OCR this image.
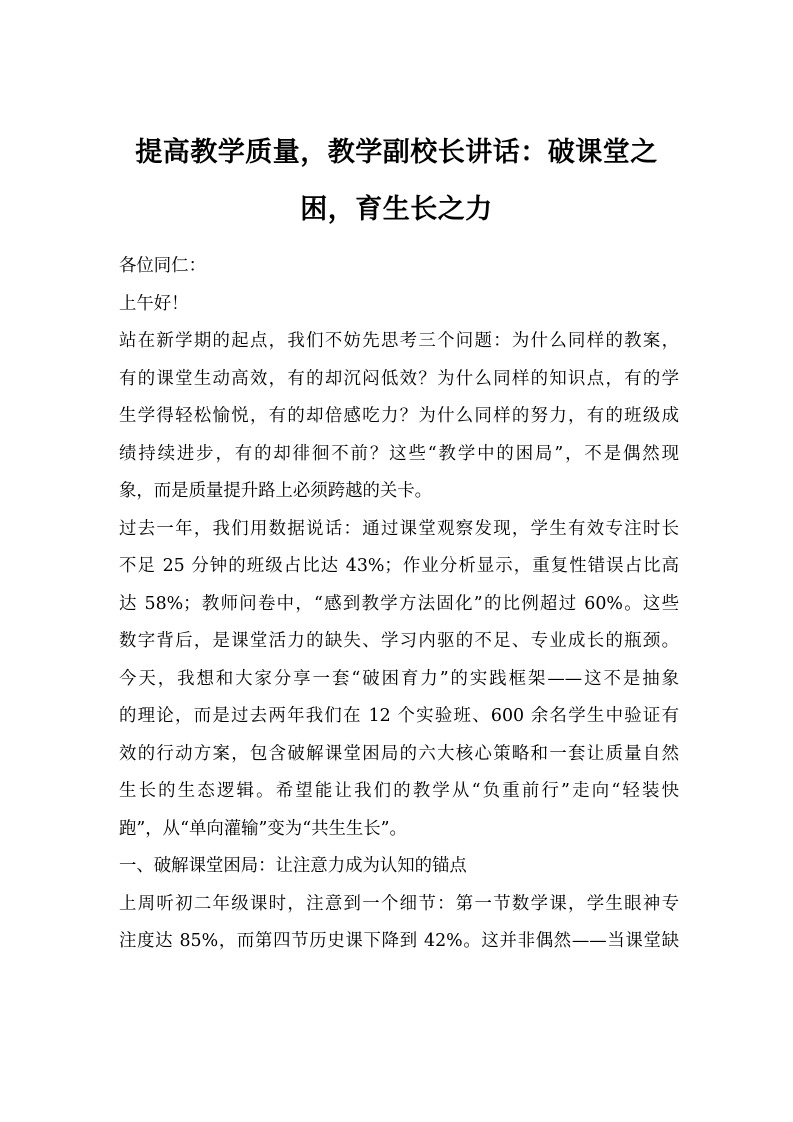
提高教学质量，教学副校长讲话：破课堂之
困，育生长之力
各位同仁：
上午好！
站在新学期的起点，我们不妨先思考三个问题：为什么同样的教案，
有的课堂生动高效，有的却沉闷低效？为什么同样的知识点，有的学
生学得轻松愉悦，有的却倍感吃力？为什么同样的努力，有的班级成
绩持续进步，有的却徘徊不前？这些“教学中的困局”，不是偶然现
象，而是质量提升路上必须跨越的关卡。
过去一年，我们用数据说话：通过课堂观察发现，学生有效专注时长
不足 25 分钟的班级占比达 43%；作业分析显示，重复性错误占比高
达 58%；教师问卷中，“感到教学方法固化”的比例超过 60%。这些
数字背后，是课堂活力的缺失、学习内驱的不足、专业成长的瓶颈。
今天，我想和大家分享一套“破困育力”的实践框架——这不是抽象
的理论，而是过去两年我们在 12 个实验班、600 余名学生中验证有
效的行动方案，包含破解课堂困局的六大核心策略和一套让质量自然
生长的生态逻辑。希望能让我们的教学从“负重前行”走向“轻装快
跑”，从“单向灌输”变为“共生生长”。
一、破解课堂困局：让注意力成为认知的锚点
上周听初二年级课时，注意到一个细节：第一节数学课，学生眼神专
注度达 85%，而第四节历史课下降到 42%。这并非偶然——当课堂缺
